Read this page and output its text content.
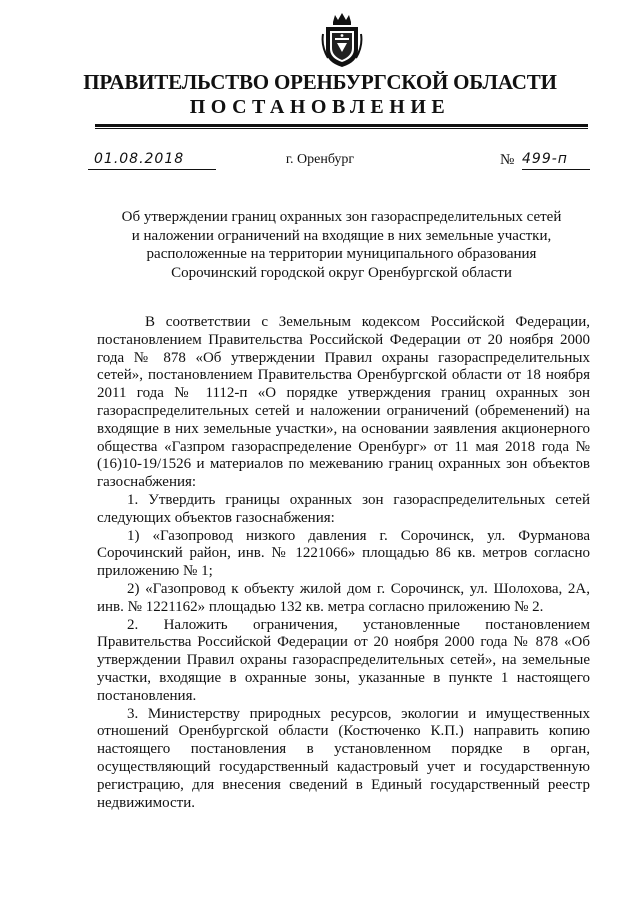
ПРАВИТЕЛЬСТВО ОРЕНБУРГСКОЙ ОБЛАСТИ
ПОСТАНОВЛЕНИЕ
01.08.2018	г. Оренбург	№ 499-п
Об утверждении границ охранных зон газораспределительных сетей
и наложении ограничений на входящие в них земельные участки,
расположенные на территории муниципального образования
Сорочинский городской округ Оренбургской области

В соответствии с Земельным кодексом Российской Федерации, постановлением Правительства Российской Федерации от 20 ноября 2000 года № 878 «Об утверждении Правил охраны газораспределительных сетей», постановлением Правительства Оренбургской области от 18 ноября 2011 года № 1112-п «О порядке утверждения границ охранных зон газораспределительных сетей и наложении ограничений (обременений) на входящие в них земельные участки», на основании заявления акционерного общества «Газпром газораспределение Оренбург» от 11 мая 2018 года № (16)10-19/1526 и материалов по межеванию границ охранных зон объектов газоснабжения:

1. Утвердить границы охранных зон газораспределительных сетей следующих объектов газоснабжения:

1) «Газопровод низкого давления г. Сорочинск, ул. Фурманова Сорочинский район, инв. № 1221066» площадью 86 кв. метров согласно приложению № 1;

2) «Газопровод к объекту жилой дом г. Сорочинск, ул. Шолохова, 2А, инв. № 1221162» площадью 132 кв. метра согласно приложению № 2.

2. Наложить ограничения, установленные постановлением Правительства Российской Федерации от 20 ноября 2000 года № 878 «Об утверждении Правил охраны газораспределительных сетей», на земельные участки, входящие в охранные зоны, указанные в пункте 1 настоящего постановления.

3. Министерству природных ресурсов, экологии и имущественных отношений Оренбургской области (Костюченко К.П.) направить копию настоящего постановления в установленном порядке в орган, осуществляющий государственный кадастровый учет и государственную регистрацию, для внесения сведений в Единый государственный реестр недвижимости.
